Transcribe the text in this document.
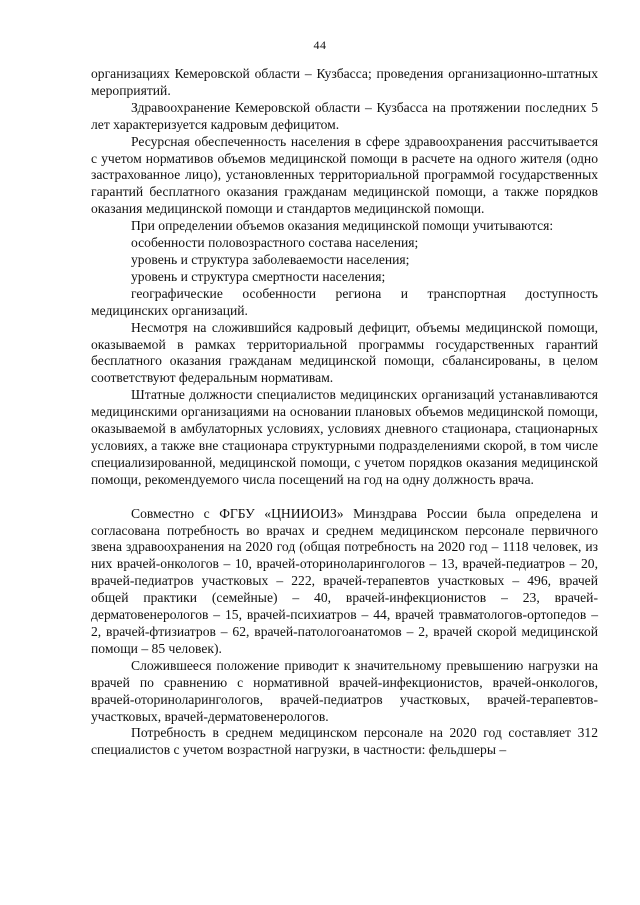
44

организациях Кемеровской области – Кузбасса; проведения организационно-штатных мероприятий.

Здравоохранение Кемеровской области – Кузбасса на протяжении последних 5 лет характеризуется кадровым дефицитом.

Ресурсная обеспеченность населения в сфере здравоохранения рассчитывается с учетом нормативов объемов медицинской помощи в расчете на одного жителя (одно застрахованное лицо), установленных территориальной программой государственных гарантий бесплатного оказания гражданам медицинской помощи, а также порядков оказания медицинской помощи и стандартов медицинской помощи.

При определении объемов оказания медицинской помощи учитываются:

особенности половозрастного состава населения;

уровень и структура заболеваемости населения;

уровень и структура смертности населения;

географические особенности региона и транспортная доступность медицинских организаций.

Несмотря на сложившийся кадровый дефицит, объемы медицинской помощи, оказываемой в рамках территориальной программы государственных гарантий бесплатного оказания гражданам медицинской помощи, сбалансированы, в целом соответствуют федеральным нормативам.

Штатные должности специалистов медицинских организаций устанавливаются медицинскими организациями на основании плановых объемов медицинской помощи, оказываемой в амбулаторных условиях, условиях дневного стационара, стационарных условиях, а также вне стационара структурными подразделениями скорой, в том числе специализированной, медицинской помощи, с учетом порядков оказания медицинской помощи, рекомендуемого числа посещений на год на одну должность врача.

Совместно с ФГБУ «ЦНИИОИЗ» Минздрава России была определена и согласована потребность во врачах и среднем медицинском персонале первичного звена здравоохранения на 2020 год (общая потребность на 2020 год – 1118 человек, из них врачей-онкологов – 10, врачей-оториноларингологов – 13, врачей-педиатров – 20, врачей-педиатров участковых – 222, врачей-терапевтов участковых – 496, врачей общей практики (семейные) – 40, врачей-инфекционистов – 23, врачей-дерматовенерологов – 15, врачей-психиатров – 44, врачей травматологов-ортопедов – 2, врачей-фтизиатров – 62, врачей-патологоанатомов – 2, врачей скорой медицинской помощи – 85 человек).

Сложившееся положение приводит к значительному превышению нагрузки на врачей по сравнению с нормативной врачей-инфекционистов, врачей-онкологов, врачей-оториноларингологов, врачей-педиатров участковых, врачей-терапевтов-участковых, врачей-дерматовенерологов.

Потребность в среднем медицинском персонале на 2020 год составляет 312 специалистов с учетом возрастной нагрузки, в частности: фельдшеры –
